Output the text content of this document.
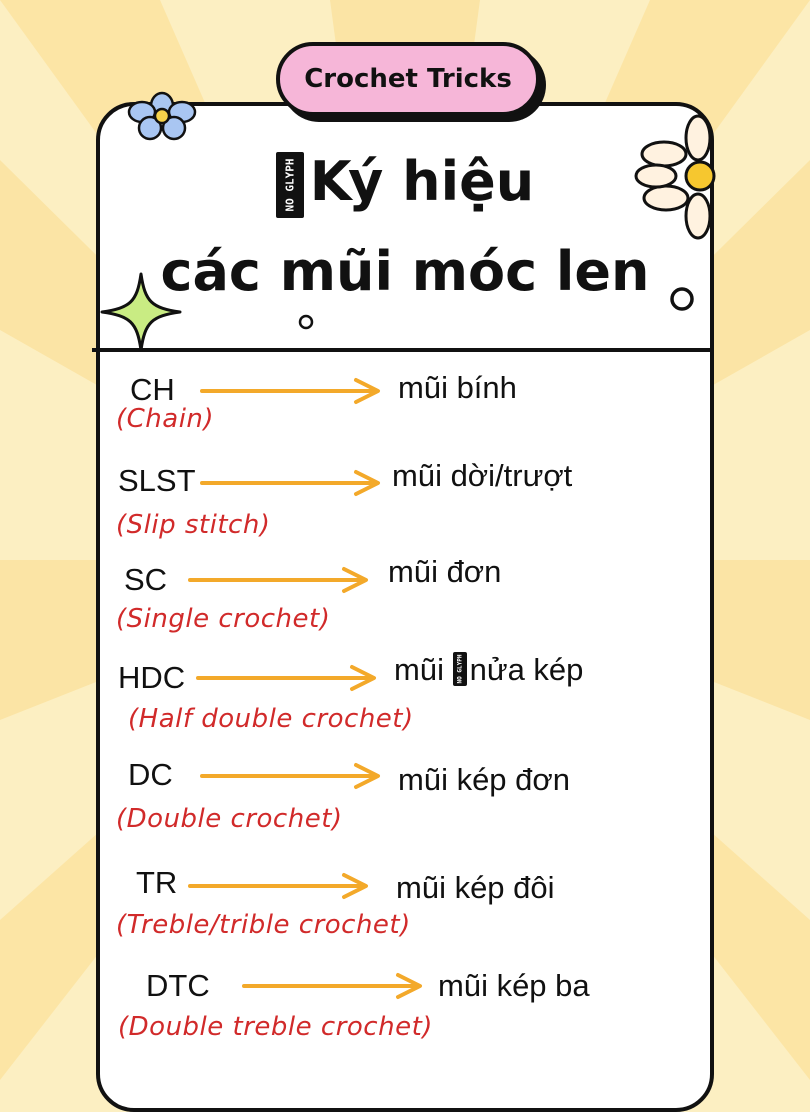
Crochet Tricks
NO GLYPH Ký hiệu
các mũi móc len
CH	mũi bính
(Chain)
SLST	mũi dời/trượt
(Slip stitch)
SC	mũi đơn
(Single crochet)
HDC	mũi NO GLYPH nửa kép
(Half double crochet)
DC	mũi kép đơn
(Double crochet)
TR	mũi kép đôi
(Treble/trible crochet)
DTC	mũi kép ba
(Double treble crochet)
